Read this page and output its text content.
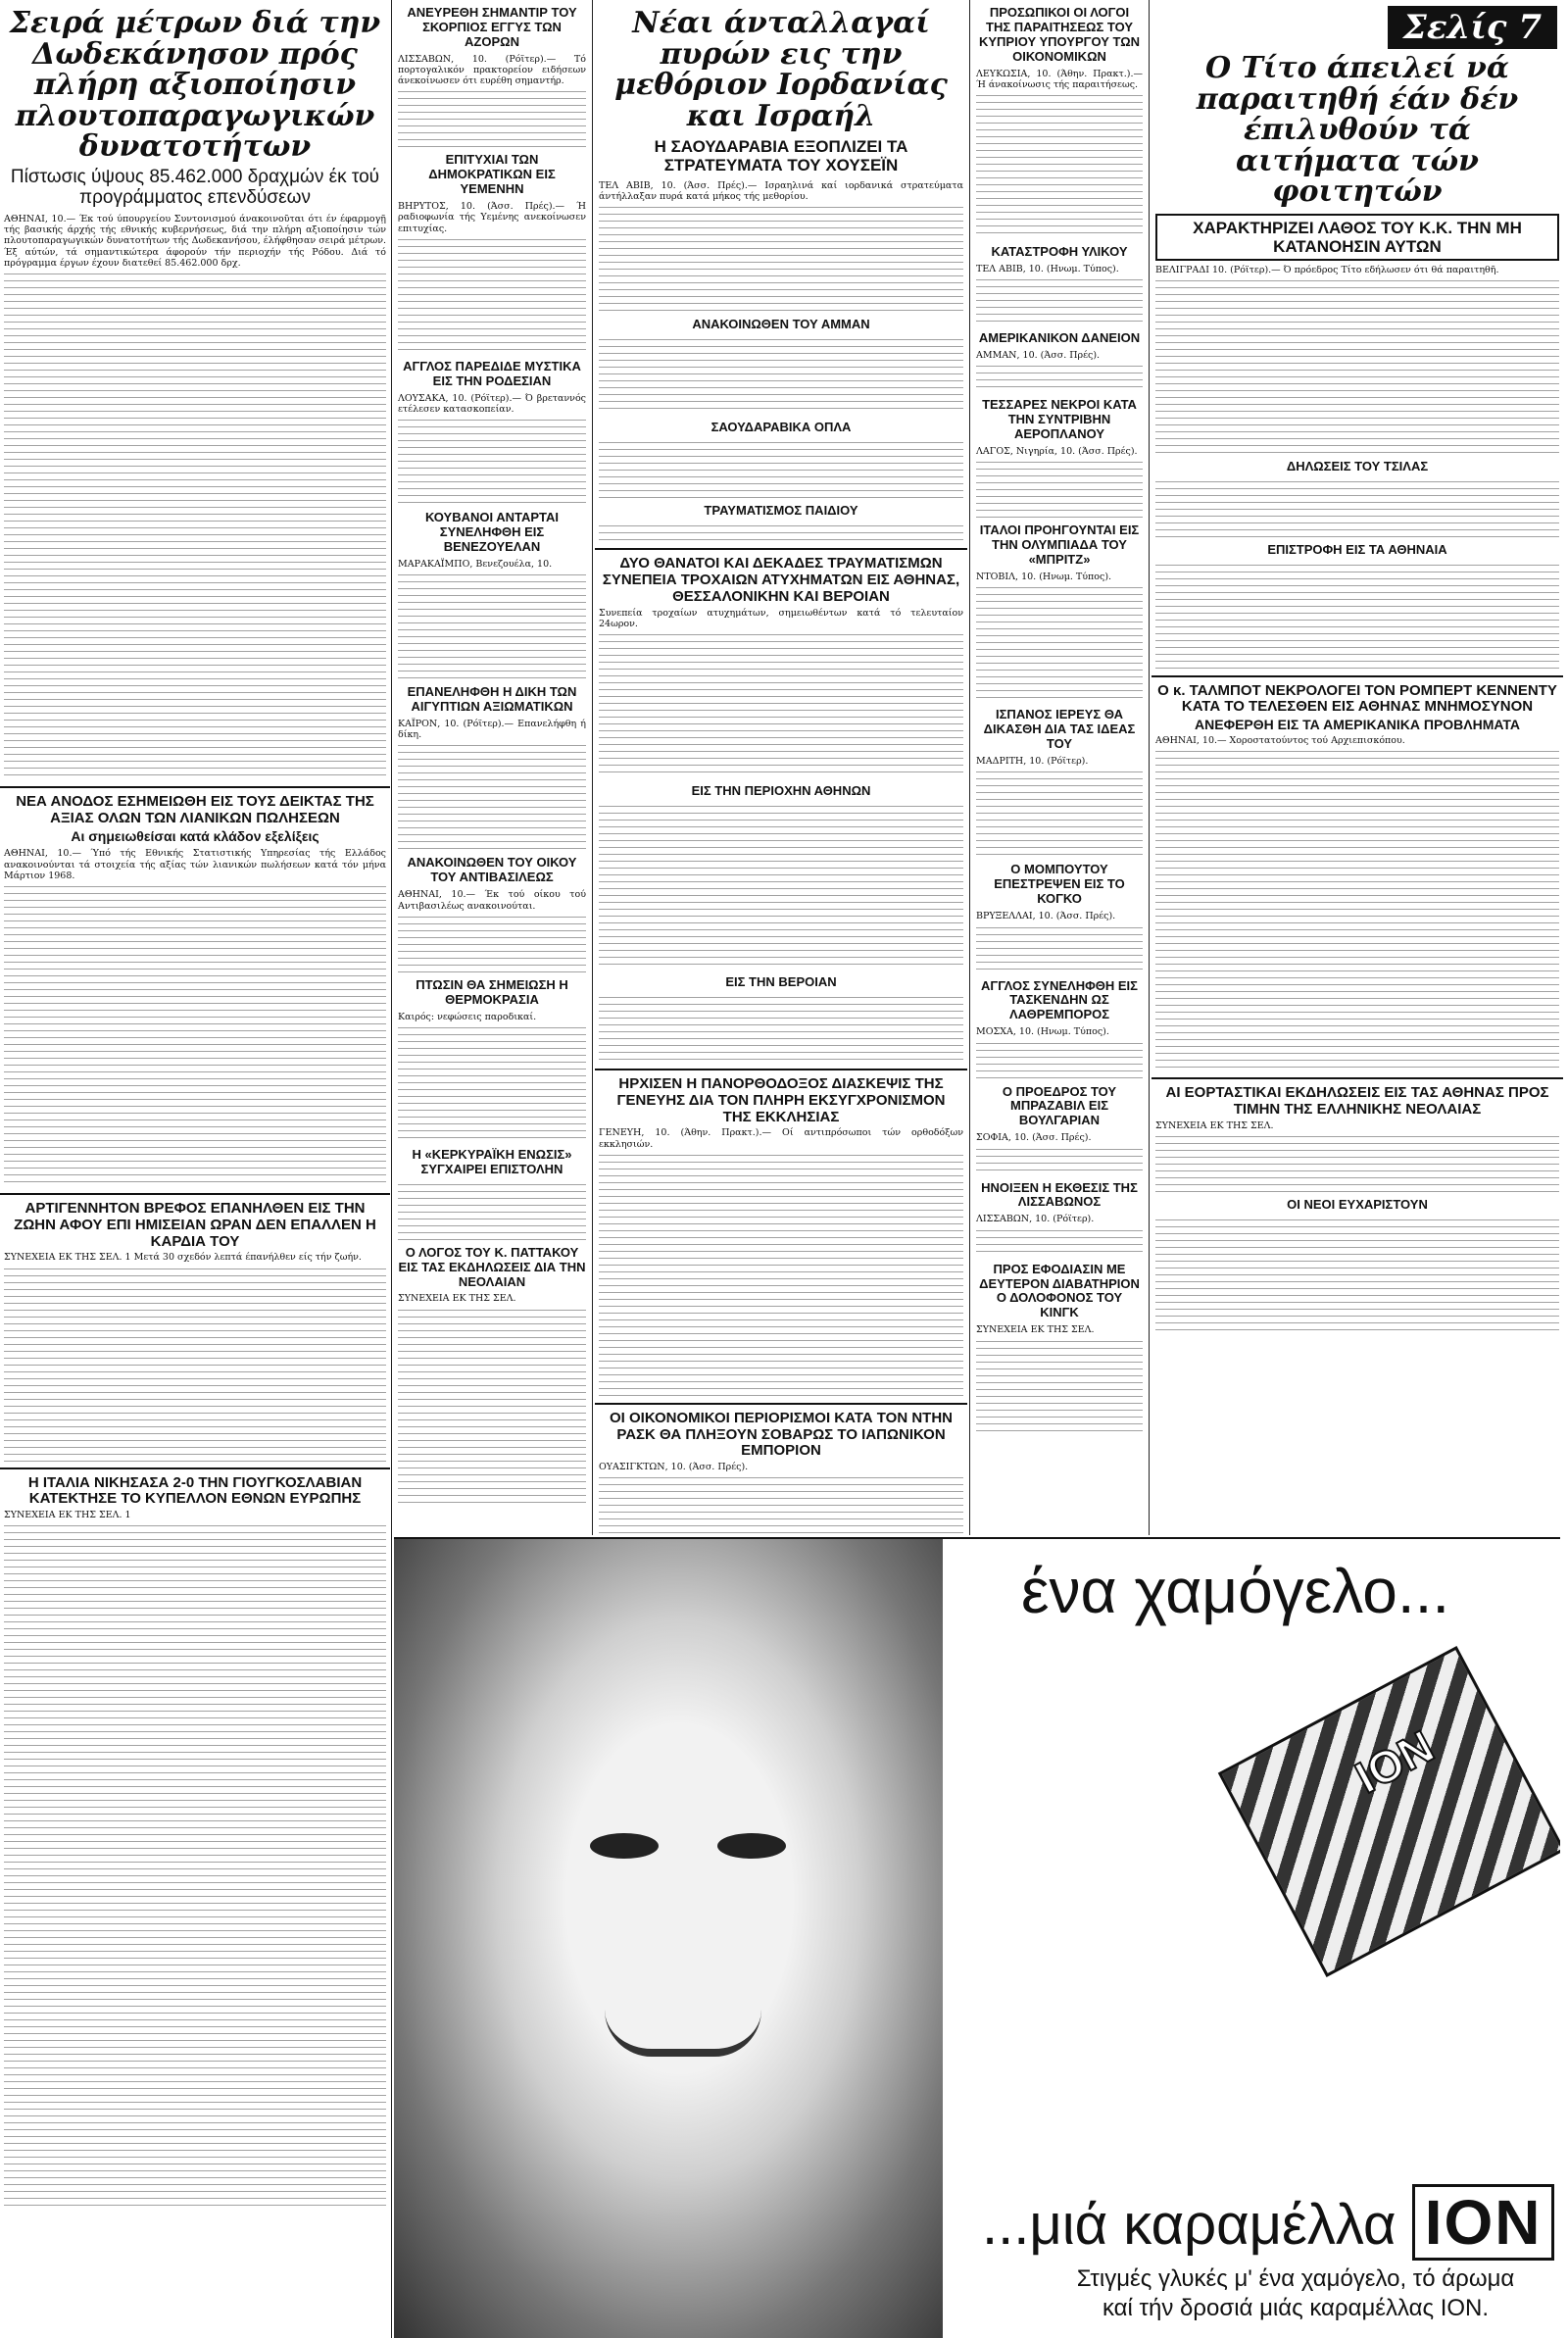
Σειρά μέτρων διά την Δωδεκάνησον πρός πλήρη αξιοποίησιν πλουτοπαραγωγικών δυνατοτήτων
Πίστωσις ύψους 85.462.000 δραχμών έκ τού προγράμματος επενδύσεων
ΑΘΗΝΑΙ, 10.— Έκ τού ύπουργείου Συντονισμού άνακοινοῦται ότι έν έφαρμογῇ τής βασικής άρχής τής εθνικής κυβερνήσεως, διά την πλήρη αξιοποίησιν τών πλουτοπαραγωγικών δυνατοτήτων τής Δωδεκανήσου, έλήφθησαν σειρά μέτρων. Έξ αύτών, τά σημαντικώτερα άφορούν τήν περιοχήν τής Ρόδου. Διά τό πρόγραμμα έργων έχουν διατεθεί 85.462.000 δρχ.
ΝΕΑ ΑΝΟΔΟΣ ΕΣΗΜΕΙΩΘΗ ΕΙΣ ΤΟΥΣ ΔΕΙΚΤΑΣ ΤΗΣ ΑΞΙΑΣ ΟΛΩΝ ΤΩΝ ΛΙΑΝΙΚΩΝ ΠΩΛΗΣΕΩΝ
Αι σημειωθείσαι κατά κλάδον εξελίξεις
ΑΘΗΝΑΙ, 10.— Ύπό τής Εθνικής Στατιστικής Υπηρεσίας τής Ελλάδος ανακοινούνται τά στοιχεία τής αξίας τών λιανικών πωλήσεων κατά τόν μήνα Μάρτιον 1968.
ΑΡΤΙΓΕΝΝΗΤΟΝ ΒΡΕΦΟΣ ΕΠΑΝΗΛΘΕΝ ΕΙΣ ΤΗΝ ΖΩΗΝ ΑΦΟΥ ΕΠΙ ΗΜΙΣΕΙΑΝ ΩΡΑΝ ΔΕΝ ΕΠΑΛΛΕΝ Η ΚΑΡΔΙΑ ΤΟΥ
ΣΥΝΕΧΕΙΑ ΕΚ ΤΗΣ ΣΕΛ. 1 Μετά 30 σχεδόν λεπτά έπανήλθεν είς τήν ζωήν.
Η ΙΤΑΛΙΑ ΝΙΚΗΣΑΣΑ 2-0 ΤΗΝ ΓΙΟΥΓΚΟΣΛΑΒΙΑΝ ΚΑΤΕΚΤΗΣΕ ΤΟ ΚΥΠΕΛΛΟΝ ΕΘΝΩΝ ΕΥΡΩΠΗΣ
ΣΥΝΕΧΕΙΑ ΕΚ ΤΗΣ ΣΕΛ. 1
ΑΝΕΥΡΕΘΗ ΣΗΜΑΝΤΙΡ ΤΟΥ ΣΚΟΡΠΙΟΣ ΕΓΓΥΣ ΤΩΝ ΑΖΟΡΩΝ
ΛΙΣΣΑΒΩΝ, 10. (Ρόϊτερ).— Τό πορτογαλικόν πρακτορείον ειδήσεων άνεκοίνωσεν ότι ευρέθη σημαντήρ.
ΕΠΙΤΥΧΙΑΙ ΤΩΝ ΔΗΜΟΚΡΑΤΙΚΩΝ ΕΙΣ ΥΕΜΕΝΗΝ
ΒΗΡΥΤΟΣ, 10. (Άσσ. Πρές).— Ή ραδιοφωνία τής Υεμένης ανεκοίνωσεν επιτυχίας.
ΑΓΓΛΟΣ ΠΑΡΕΔΙΔΕ ΜΥΣΤΙΚΑ ΕΙΣ ΤΗΝ ΡΟΔΕΣΙΑΝ
ΛΟΥΣΑΚΑ, 10. (Ρόϊτερ).— Ό βρεταννός ετέλεσεν κατασκοπείαν.
ΚΟΥΒΑΝΟΙ ΑΝΤΑΡΤΑΙ ΣΥΝΕΛΗΦΘΗ ΕΙΣ ΒΕΝΕΖΟΥΕΛΑΝ
ΜΑΡΑΚΑΪΜΠΟ, Βενεζουέλα, 10.
ΕΠΑΝΕΛΗΦΘΗ Η ΔΙΚΗ ΤΩΝ ΑΙΓΥΠΤΙΩΝ ΑΞΙΩΜΑΤΙΚΩΝ
ΚΑΪΡΟΝ, 10. (Ρόϊτερ).— Επανελήφθη ή δίκη.
ΑΝΑΚΟΙΝΩΘΕΝ ΤΟΥ ΟΙΚΟΥ ΤΟΥ ΑΝΤΙΒΑΣΙΛΕΩΣ
ΑΘΗΝΑΙ, 10.— Έκ τού οίκου τού Αντιβασιλέως ανακοινούται.
ΠΤΩΣΙΝ ΘΑ ΣΗΜΕΙΩΣΗ Η ΘΕΡΜΟΚΡΑΣΙΑ
Καιρός: νεφώσεις παροδικαί.
Η «ΚΕΡΚΥΡΑΪΚΗ ΕΝΩΣΙΣ» ΣΥΓΧΑΙΡΕΙ ΕΠΙΣΤΟΛΗΝ
Ο ΛΟΓΟΣ ΤΟΥ Κ. ΠΑΤΤΑΚΟΥ ΕΙΣ ΤΑΣ ΕΚΔΗΛΩΣΕΙΣ ΔΙΑ ΤΗΝ ΝΕΟΛΑΙΑΝ
ΣΥΝΕΧΕΙΑ ΕΚ ΤΗΣ ΣΕΛ.
Νέαι άνταλλαγαί πυρών εις την μεθόριον Ιορδανίας και Ισραήλ
Η ΣΑΟΥΔΑΡΑΒΙΑ ΕΞΟΠΛΙΖΕΙ ΤΑ ΣΤΡΑΤΕΥΜΑΤΑ ΤΟΥ ΧΟΥΣΕΪΝ
ΤΕΛ ΑΒΙΒ, 10. (Άσσ. Πρές).— Ισραηλινά καί ιορδανικά στρατεύματα άντήλλαξαν πυρά κατά μήκος τής μεθορίου.
ΑΝΑΚΟΙΝΩΘΕΝ ΤΟΥ ΑΜΜΑΝ
ΣΑΟΥΔΑΡΑΒΙΚΑ ΟΠΛΑ
ΤΡΑΥΜΑΤΙΣΜΟΣ ΠΑΙΔΙΟΥ
ΔΥΟ ΘΑΝΑΤΟΙ ΚΑΙ ΔΕΚΑΔΕΣ ΤΡΑΥΜΑΤΙΣΜΩΝ ΣΥΝΕΠΕΙΑ ΤΡΟΧΑΙΩΝ ΑΤΥΧΗΜΑΤΩΝ ΕΙΣ ΑΘΗΝΑΣ, ΘΕΣΣΑΛΟΝΙΚΗΝ ΚΑΙ ΒΕΡΟΙΑΝ
Συνεπεία τροχαίων ατυχημάτων, σημειωθέντων κατά τό τελευταίον 24ωρον.
ΕΙΣ ΤΗΝ ΠΕΡΙΟΧΗΝ ΑΘΗΝΩΝ
ΕΙΣ ΤΗΝ ΒΕΡΟΙΑΝ
ΗΡΧΙΣΕΝ Η ΠΑΝΟΡΘΟΔΟΞΟΣ ΔΙΑΣΚΕΨΙΣ ΤΗΣ ΓΕΝΕΥΗΣ ΔΙΑ ΤΟΝ ΠΛΗΡΗ ΕΚΣΥΓΧΡΟΝΙΣΜΟΝ ΤΗΣ ΕΚΚΛΗΣΙΑΣ
ΓΕΝΕΥΗ, 10. (Άθην. Πρακτ.).— Οί αντιπρόσωποι τών ορθοδόξων εκκλησιών.
ΟΙ ΟΙΚΟΝΟΜΙΚΟΙ ΠΕΡΙΟΡΙΣΜΟΙ ΚΑΤΑ ΤΟΝ ΝΤΗΝ ΡΑΣΚ ΘΑ ΠΛΗΞΟΥΝ ΣΟΒΑΡΩΣ ΤΟ ΙΑΠΩΝΙΚΟΝ ΕΜΠΟΡΙΟΝ
ΟΥΑΣΙΓΚΤΩΝ, 10. (Άσσ. Πρές).
ΠΡΟΣΩΠΙΚΟΙ ΟΙ ΛΟΓΟΙ ΤΗΣ ΠΑΡΑΙΤΗΣΕΩΣ ΤΟΥ ΚΥΠΡΙΟΥ ΥΠΟΥΡΓΟΥ ΤΩΝ ΟΙΚΟΝΟΜΙΚΩΝ
ΛΕΥΚΩΣΙΑ, 10. (Άθην. Πρακτ.).— Ή άνακοίνωσις τής παραιτήσεως.
ΚΑΤΑΣΤΡΟΦΗ ΥΛΙΚΟΥ
ΤΕΛ ΑΒΙΒ, 10. (Ηνωμ. Τύπος).
ΑΜΕΡΙΚΑΝΙΚΟΝ ΔΑΝΕΙΟΝ
ΑΜΜΑΝ, 10. (Άσσ. Πρές).
ΤΕΣΣΑΡΕΣ ΝΕΚΡΟΙ ΚΑΤΑ ΤΗΝ ΣΥΝΤΡΙΒΗΝ ΑΕΡΟΠΛΑΝΟΥ
ΛΑΓΟΣ, Νιγηρία, 10. (Άσσ. Πρές).
ΙΤΑΛΟΙ ΠΡΟΗΓΟΥΝΤΑΙ ΕΙΣ ΤΗΝ ΟΛΥΜΠΙΑΔΑ ΤΟΥ «ΜΠΡΙΤΖ»
ΝΤΟΒΙΛ, 10. (Ηνωμ. Τύπος).
ΙΣΠΑΝΟΣ ΙΕΡΕΥΣ ΘΑ ΔΙΚΑΣΘΗ ΔΙΑ ΤΑΣ ΙΔΕΑΣ ΤΟΥ
ΜΑΔΡΙΤΗ, 10. (Ρόϊτερ).
Ο ΜΟΜΠΟΥΤΟΥ ΕΠΕΣΤΡΕΨΕΝ ΕΙΣ ΤΟ ΚΟΓΚΟ
ΒΡΥΞΕΛΛΑΙ, 10. (Άσσ. Πρές).
ΑΓΓΛΟΣ ΣΥΝΕΛΗΦΘΗ ΕΙΣ ΤΑΣΚΕΝΔΗΝ ΩΣ ΛΑΘΡΕΜΠΟΡΟΣ
ΜΟΣΧΑ, 10. (Ηνωμ. Τύπος).
Ο ΠΡΟΕΔΡΟΣ ΤΟΥ ΜΠΡΑΖΑΒΙΛ ΕΙΣ ΒΟΥΛΓΑΡΙΑΝ
ΣΟΦΙΑ, 10. (Άσσ. Πρές).
ΗΝΟΙΞΕΝ Η ΕΚΘΕΣΙΣ ΤΗΣ ΛΙΣΣΑΒΩΝΟΣ
ΛΙΣΣΑΒΩΝ, 10. (Ρόϊτερ).
ΠΡΟΣ ΕΦΟΔΙΑΣΙΝ ΜΕ ΔΕΥΤΕΡΟΝ ΔΙΑΒΑΤΗΡΙΟΝ Ο ΔΟΛΟΦΟΝΟΣ ΤΟΥ ΚΙΝΓΚ
ΣΥΝΕΧΕΙΑ ΕΚ ΤΗΣ ΣΕΛ.
Σελίς 7
Ο Τίτο άπειλεί νά παραιτηθή έάν δέν έπιλυθούν τά αιτήματα τών φοιτητών
ΧΑΡΑΚΤΗΡΙΖΕΙ ΛΑΘΟΣ ΤΟΥ Κ.Κ. ΤΗΝ ΜΗ ΚΑΤΑΝΟΗΣΙΝ ΑΥΤΩΝ
ΒΕΛΙΓΡΑΔΙ 10. (Ρόϊτερ).— Ό πρόεδρος Τίτο εδήλωσεν ότι θά παραιτηθῆ.
ΔΗΛΩΣΕΙΣ ΤΟΥ ΤΣΙΛΑΣ
ΕΠΙΣΤΡΟΦΗ ΕΙΣ ΤΑ ΑΘΗΝΑΙΑ
Ο κ. ΤΑΛΜΠΟΤ ΝΕΚΡΟΛΟΓΕΙ ΤΟΝ ΡΟΜΠΕΡΤ ΚΕΝΝΕΝΤΥ ΚΑΤΑ ΤΟ ΤΕΛΕΣΘΕΝ ΕΙΣ ΑΘΗΝΑΣ ΜΝΗΜΟΣΥΝΟΝ
ΑΝΕΦΕΡΘΗ ΕΙΣ ΤΑ ΑΜΕΡΙΚΑΝΙΚΑ ΠΡΟΒΛΗΜΑΤΑ
ΑΘΗΝΑΙ, 10.— Χοροστατούντος τού Αρχιεπισκόπου.
ΑΙ ΕΟΡΤΑΣΤΙΚΑΙ ΕΚΔΗΛΩΣΕΙΣ ΕΙΣ ΤΑΣ ΑΘΗΝΑΣ ΠΡΟΣ ΤΙΜΗΝ ΤΗΣ ΕΛΛΗΝΙΚΗΣ ΝΕΟΛΑΙΑΣ
ΣΥΝΕΧΕΙΑ ΕΚ ΤΗΣ ΣΕΛ.
ΟΙ ΝΕΟΙ ΕΥΧΑΡΙΣΤΟΥΝ
ένα χαμόγελο...
ΙΟΝ
...μιά καραμέλλα ΙΟΝ
Στιγμές γλυκές μ' ένα χαμόγελο, τό άρωμα καί τήν δροσιά μιάς καραμέλλας ΙΟΝ.
